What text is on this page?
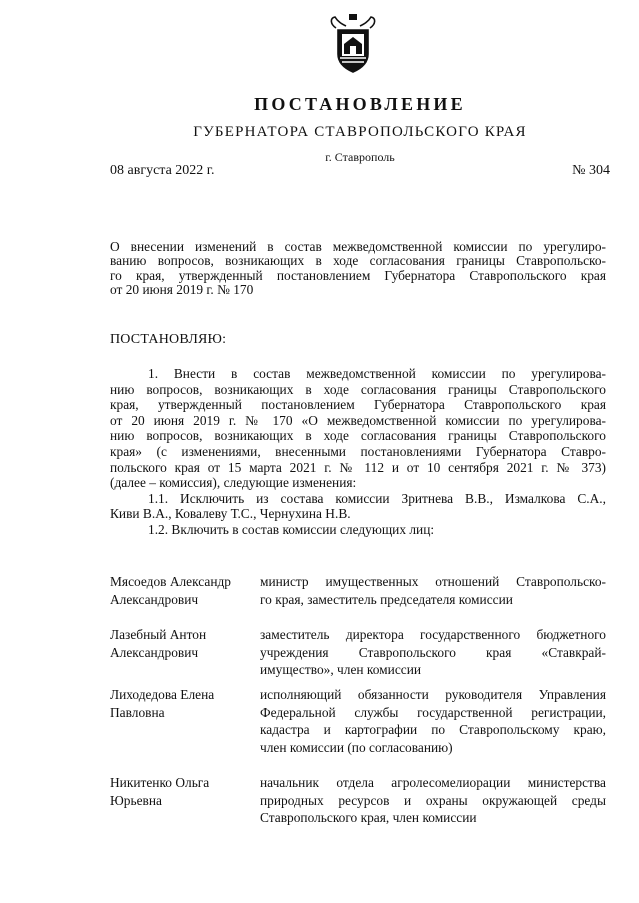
ПОСТАНОВЛЕНИЕ
ГУБЕРНАТОРА СТАВРОПОЛЬСКОГО КРАЯ
г. Ставрополь
08 августа 2022 г.	№ 304
О внесении изменений в состав межведомственной комиссии по урегулиро-
ванию вопросов, возникающих в ходе согласования границы Ставропольско-
го края, утвержденный постановлением Губернатора Ставропольского края
от 20 июня 2019 г. № 170
ПОСТАНОВЛЯЮ:
1. Внести в состав межведомственной комиссии по урегулирова-
нию вопросов, возникающих в ходе согласования границы Ставропольского
края, утвержденный постановлением Губернатора Ставропольского края
от 20 июня 2019 г. № 170 «О межведомственной комиссии по урегулирова-
нию вопросов, возникающих в ходе согласования границы Ставропольского
края» (с изменениями, внесенными постановлениями Губернатора Ставро-
польского края от 15 марта 2021 г. № 112 и от 10 сентября 2021 г. № 373)
(далее – комиссия), следующие изменения:
1.1. Исключить из состава комиссии Зритнева В.В., Измалкова С.А.,
Киви В.А., Ковалеву Т.С., Чернухина Н.В.
1.2. Включить в состав комиссии следующих лиц:
Мясоедов Александр
Александрович
министр имущественных отношений Ставропольско-
го края, заместитель председателя комиссии
Лазебный Антон
Александрович
заместитель директора государственного бюджетного
учреждения Ставропольского края «Ставкрай-
имущество», член комиссии
Лиходедова Елена
Павловна
исполняющий обязанности руководителя Управления
Федеральной службы государственной регистрации,
кадастра и картографии по Ставропольскому краю,
член комиссии (по согласованию)
Никитенко Ольга
Юрьевна
начальник отдела агролесомелиорации министерства
природных ресурсов и охраны окружающей среды
Ставропольского края, член комиссии
